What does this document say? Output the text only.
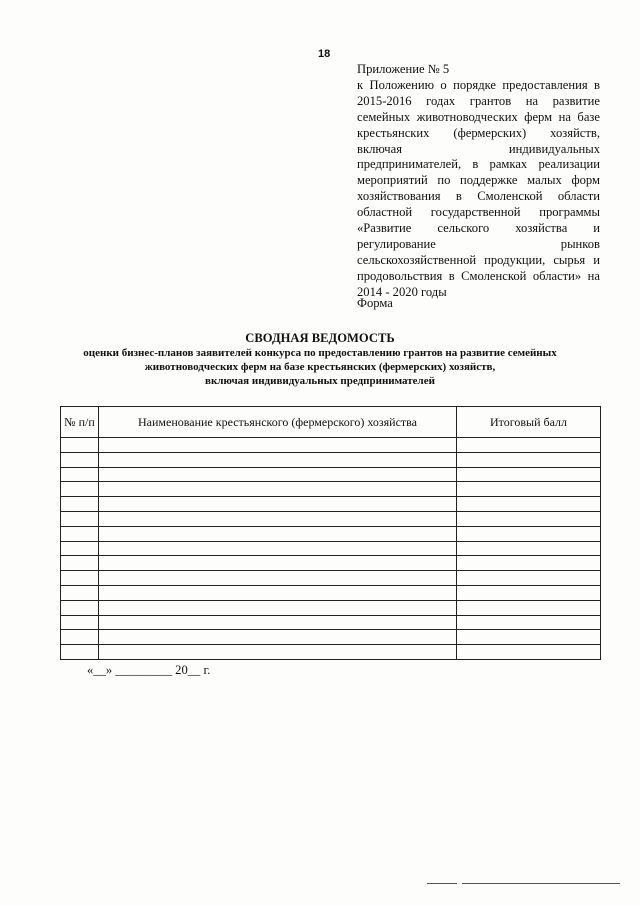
18
Приложение № 5
к Положению о порядке предоставления в 2015-2016 годах грантов на развитие семейных животноводческих ферм на базе крестьянских (фермерских) хозяйств, включая индивидуальных предпринимателей, в рамках реализации мероприятий по поддержке малых форм хозяйствования в Смоленской области областной государственной программы «Развитие сельского хозяйства и регулирование рынков сельскохозяйственной продукции, сырья и продовольствия в Смоленской области» на 2014 - 2020 годы
Форма
СВОДНАЯ ВЕДОМОСТЬ
оценки бизнес-планов заявителей конкурса по предоставлению грантов на развитие семейных
животноводческих ферм на базе крестьянских (фермерских) хозяйств,
включая индивидуальных предпринимателей
№ п/п	Наименование крестьянского (фермерского) хозяйства	Итоговый балл

«__» _________ 20__ г.
